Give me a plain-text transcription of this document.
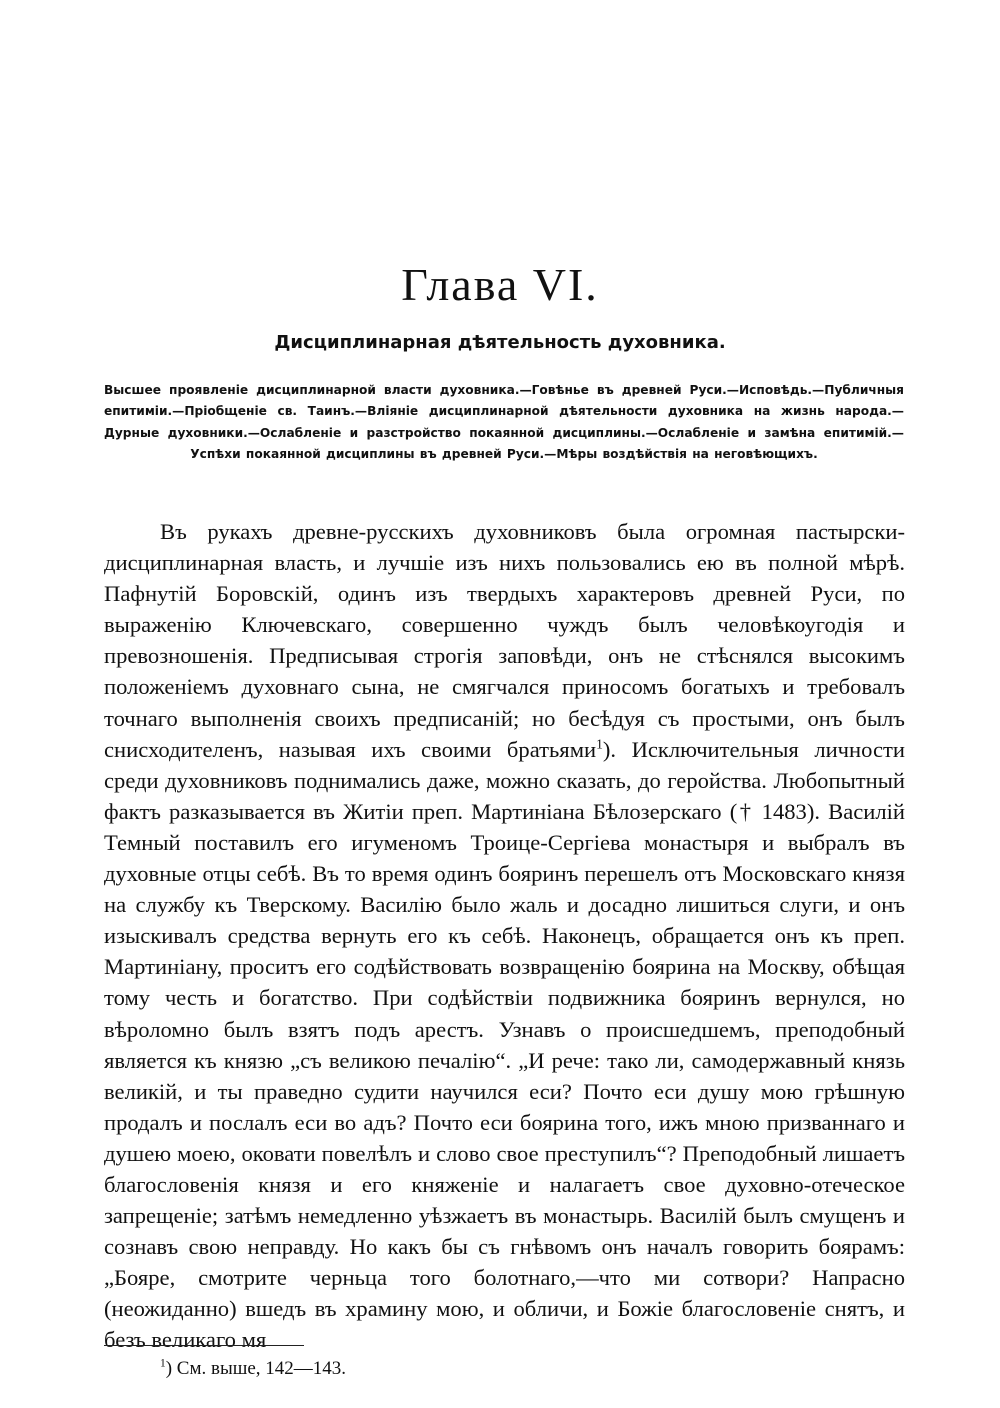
Глава VI.
Дисциплинарная дѣятельность духовника.

Высшее проявленіе дисциплинарной власти духовника.—Говѣнье въ древней Руси.—Исповѣдь.—Публичныя епитиміи.—Пріобщеніе св. Таинъ.—Вліяніе дисциплинарной дѣятельности духовника на жизнь народа.—Дурные духовники.—Ослабленіе и разстройство покаянной дисциплины.—Ослабленіе и замѣна епитимій.—Успѣхи покаянной дисциплины въ древней Руси.—Мѣры воздѣйствія на неговѣющихъ.

Въ рукахъ древне-русскихъ духовниковъ была огромная пастырски-дисциплинарная власть, и лучшіе изъ нихъ пользовались ею въ полной мѣрѣ. Пафнутій Боровскій, одинъ изъ твердыхъ характеровъ древней Руси, по выраженію Ключевскаго, совершенно чуждъ былъ человѣкоугодія и превозношенія. Предписывая строгія заповѣди, онъ не стѣснялся высокимъ положеніемъ духовнаго сына, не смягчался приносомъ богатыхъ и требовалъ точнаго выполненія своихъ предписаній; но бесѣдуя съ простыми, онъ былъ снисходителенъ, называя ихъ своими братьями$^1$). Исключительныя личности среди духовниковъ поднимались даже, можно сказать, до геройства. Любопытный фактъ разказывается въ Житіи преп. Мартиніана Бѣлозерскаго († 1483). Василій Темный поставилъ его игуменомъ Троице-Сергіева монастыря и выбралъ въ духовные отцы себѣ. Въ то время одинъ бояринъ перешелъ отъ Московскаго князя на службу къ Тверскому. Василію было жаль и досадно лишиться слуги, и онъ изыскивалъ средства вернуть его къ себѣ. Наконецъ, обращается онъ къ преп. Мартиніану, проситъ его содѣйствовать возвращенію боярина на Москву, обѣщая тому честь и богатство. При содѣйствіи подвижника бояринъ вернулся, но вѣроломно былъ взятъ подъ арестъ. Узнавъ о происшедшемъ, преподобный является къ князю „съ великою печалію“. „И рече: тако ли, самодержавный князь великій, и ты праведно судити научился еси? Почто еси душу мою грѣшную продалъ и послалъ еси во адъ? Почто еси боярина того, ижъ мною призваннаго и душею моею, оковати повелѣлъ и слово свое преступилъ“? Преподобный лишаетъ благословенія князя и его княженіе и налагаетъ свое духовно-отеческое запрещеніе; затѣмъ немедленно уѣзжаетъ въ монастырь. Василій былъ смущенъ и сознавъ свою неправду. Но какъ бы съ гнѣвомъ онъ началъ говорить боярамъ: „Бояре, смотрите черньца того болотнаго,—что ми сотвори? Напрасно (неожиданно) вшедъ въ храмину мою, и обличи, и Божіе благословеніе снятъ, и безъ великаго мя

$^1$) См. выше, 142—143.
